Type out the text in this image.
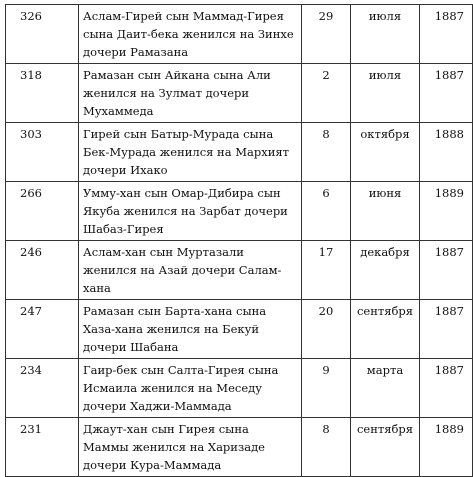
326	Аслам-Гирей сын Маммад-Гирея сына Даит-бека женился на Зинхе дочери Рамазана	29	июля	1887
318	Рамазан сын Айкана сына Али женился на Зулмат дочери Мухаммеда	2	июля	1887
303	Гирей сын Батыр-Мурада сына Бек-Мурада женился на Мархият дочери Ихако	8	октября	1888
266	Умму-хан сын Омар-Дибира сын Якуба женился на Зарбат дочери Шабаз-Гирея	6	июня	1889
246	Аслам-хан сын Муртазали женился на Азай дочери Салам-хана	17	декабря	1887
247	Рамазан сын Барта-хана сына Хаза-хана женился на Бекуй дочери Шабана	20	сентября	1887
234	Гаир-бек сын Салта-Гирея сына Исмаила женился на Меседу дочери Хаджи-Маммада	9	марта	1887
231	Джаут-хан сын Гирея сына Маммы женился на Харизаде дочери Кура-Маммада	8	сентября	1889
